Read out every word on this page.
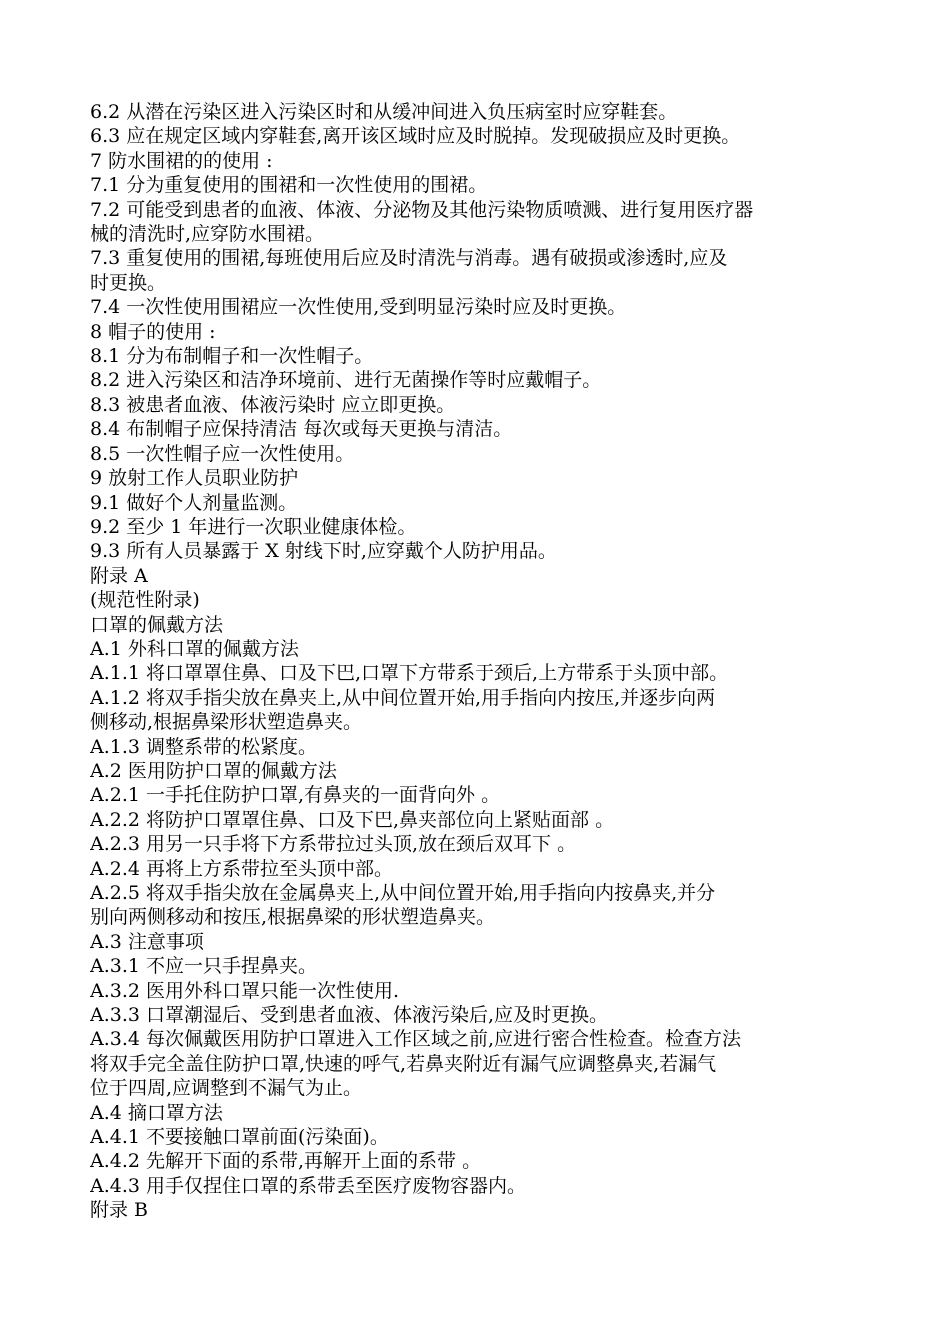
6.2 从潜在污染区进入污染区时和从缓冲间进入负压病室时应穿鞋套。
6.3 应在规定区域内穿鞋套,离开该区域时应及时脱掉。发现破损应及时更换。
7 防水围裙的的使用 :
7.1 分为重复使用的围裙和一次性使用的围裙。
7.2 可能受到患者的血液、体液、分泌物及其他污染物质喷溅、进行复用医疗器
械的清洗时,应穿防水围裙。
7.3 重复使用的围裙,每班使用后应及时清洗与消毒。遇有破损或渗透时,应及
时更换。
7.4 一次性使用围裙应一次性使用,受到明显污染时应及时更换。
8 帽子的使用 :
8.1 分为布制帽子和一次性帽子。
8.2 进入污染区和洁净环境前、进行无菌操作等时应戴帽子。
8.3 被患者血液、体液污染时 应立即更换。
8.4 布制帽子应保持清洁 每次或每天更换与清洁。
8.5 一次性帽子应一次性使用。
9 放射工作人员职业防护
9.1 做好个人剂量监测。
9.2 至少 1 年进行一次职业健康体检。
9.3 所有人员暴露于 X 射线下时,应穿戴个人防护用品。
附录 A
(规范性附录)
口罩的佩戴方法
A.1 外科口罩的佩戴方法
A.1.1 将口罩罩住鼻、口及下巴,口罩下方带系于颈后,上方带系于头顶中部。
A.1.2 将双手指尖放在鼻夹上,从中间位置开始,用手指向内按压,并逐步向两
侧移动,根据鼻梁形状塑造鼻夹。
A.1.3 调整系带的松紧度。
A.2 医用防护口罩的佩戴方法
A.2.1 一手托住防护口罩,有鼻夹的一面背向外 。
A.2.2 将防护口罩罩住鼻、口及下巴,鼻夹部位向上紧贴面部 。
A.2.3 用另一只手将下方系带拉过头顶,放在颈后双耳下 。
A.2.4 再将上方系带拉至头顶中部。
A.2.5 将双手指尖放在金属鼻夹上,从中间位置开始,用手指向内按鼻夹,并分
别向两侧移动和按压,根据鼻梁的形状塑造鼻夹。
A.3 注意事项
A.3.1 不应一只手捏鼻夹。
A.3.2 医用外科口罩只能一次性使用.
A.3.3 口罩潮湿后、受到患者血液、体液污染后,应及时更换。
A.3.4 每次佩戴医用防护口罩进入工作区域之前,应进行密合性检查。检查方法
将双手完全盖住防护口罩,快速的呼气,若鼻夹附近有漏气应调整鼻夹,若漏气
位于四周,应调整到不漏气为止。
A.4 摘口罩方法
A.4.1 不要接触口罩前面(污染面)。
A.4.2 先解开下面的系带,再解开上面的系带 。
A.4.3 用手仅捏住口罩的系带丢至医疗废物容器内。
附录 B
